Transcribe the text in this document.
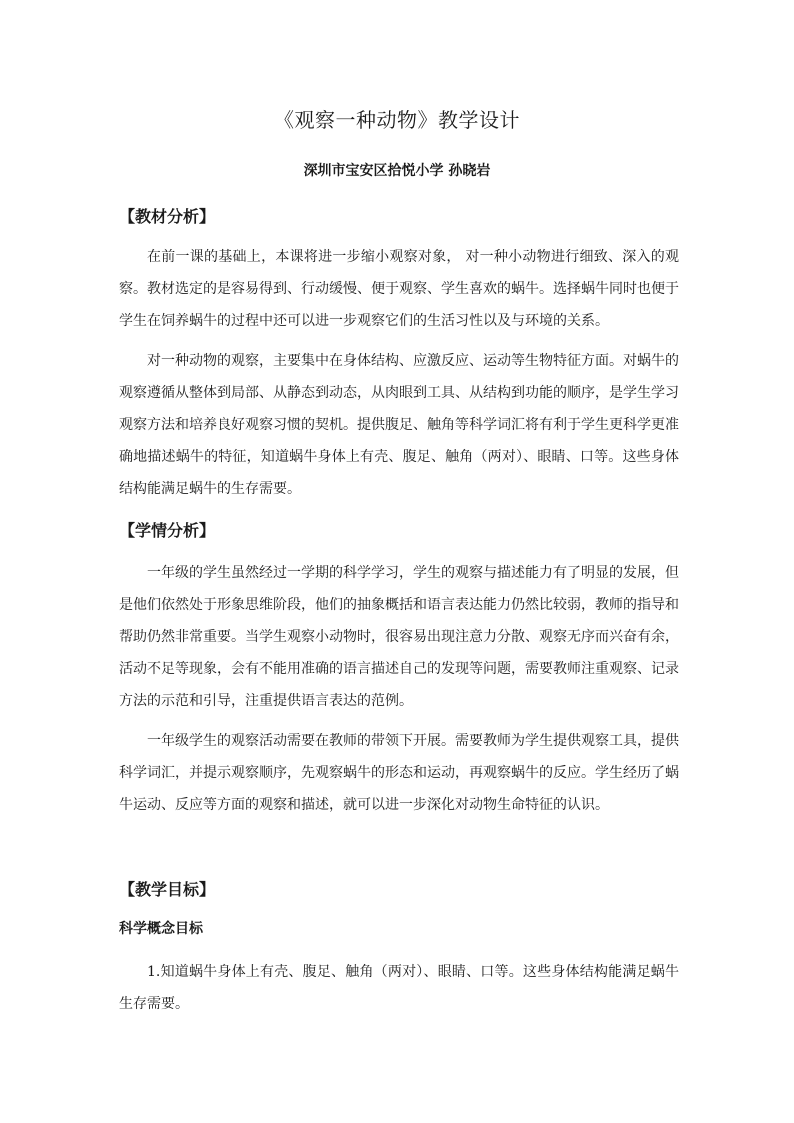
《观察一种动物》教学设计
深圳市宝安区拾悦小学 孙晓岩
【教材分析】
在前一课的基础上，本课将进一步缩小观察对象， 对一种小动物进行细致、深入的观察。教材选定的是容易得到、行动缓慢、便于观察、学生喜欢的蜗牛。选择蜗牛同时也便于学生在饲养蜗牛的过程中还可以进一步观察它们的生活习性以及与环境的关系。
对一种动物的观察，主要集中在身体结构、应激反应、运动等生物特征方面。对蜗牛的观察遵循从整体到局部、从静态到动态，从肉眼到工具、从结构到功能的顺序，是学生学习观察方法和培养良好观察习惯的契机。提供腹足、触角等科学词汇将有利于学生更科学更准确地描述蜗牛的特征，知道蜗牛身体上有壳、腹足、触角（两对）、眼睛、口等。这些身体结构能满足蜗牛的生存需要。
【学情分析】
一年级的学生虽然经过一学期的科学学习，学生的观察与描述能力有了明显的发展，但是他们依然处于形象思维阶段，他们的抽象概括和语言表达能力仍然比较弱，教师的指导和帮助仍然非常重要。当学生观察小动物时，很容易出现注意力分散、观察无序而兴奋有余，活动不足等现象，会有不能用准确的语言描述自己的发现等问题，需要教师注重观察、记录方法的示范和引导，注重提供语言表达的范例。
一年级学生的观察活动需要在教师的带领下开展。需要教师为学生提供观察工具，提供科学词汇，并提示观察顺序，先观察蜗牛的形态和运动，再观察蜗牛的反应。学生经历了蜗牛运动、反应等方面的观察和描述，就可以进一步深化对动物生命特征的认识。
【教学目标】
科学概念目标
1.知道蜗牛身体上有壳、腹足、触角（两对）、眼睛、口等。这些身体结构能满足蜗牛生存需要。
